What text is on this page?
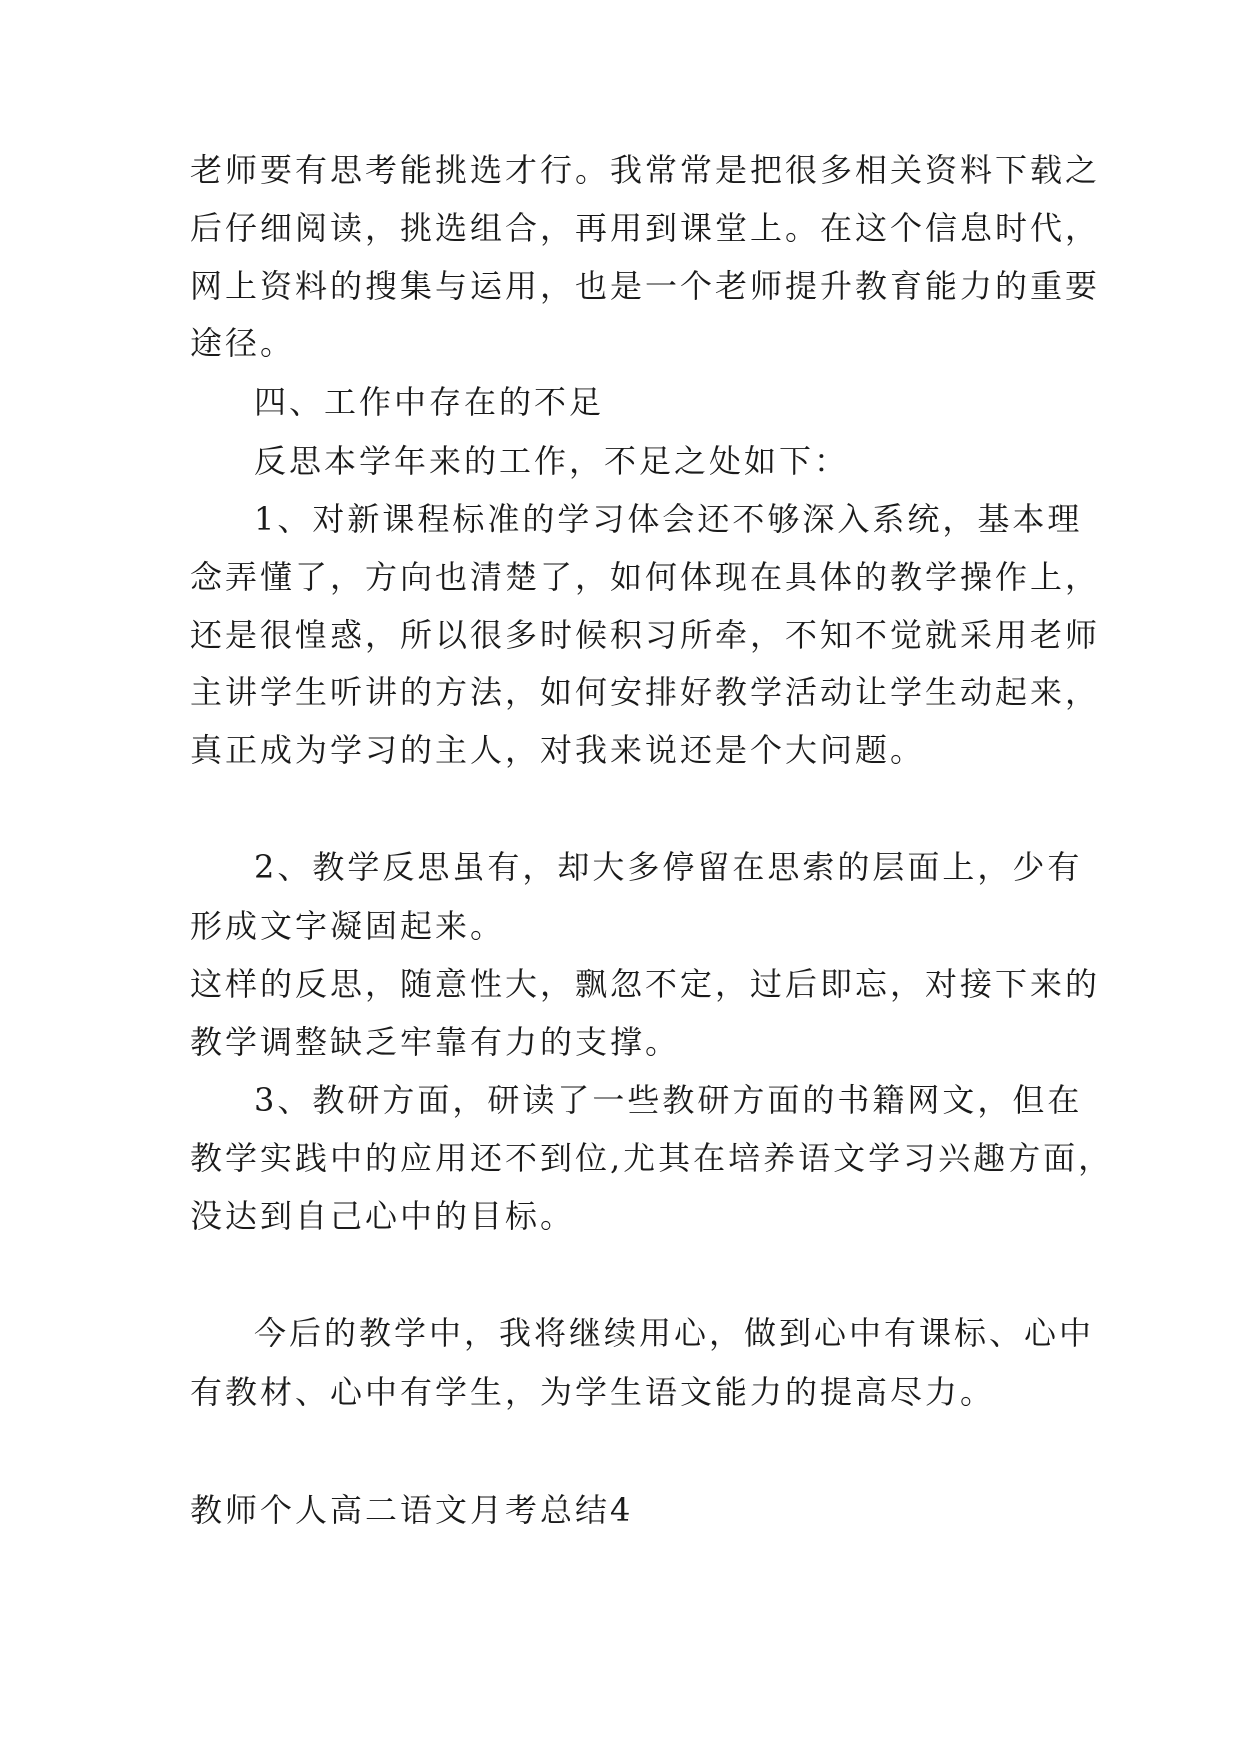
老师要有思考能挑选才行。我常常是把很多相关资料下载之
后仔细阅读，挑选组合，再用到课堂上。在这个信息时代，
网上资料的搜集与运用，也是一个老师提升教育能力的重要
途径。
四、工作中存在的不足
反思本学年来的工作，不足之处如下：
1、对新课程标准的学习体会还不够深入系统，基本理
念弄懂了，方向也清楚了，如何体现在具体的教学操作上，
还是很惶惑，所以很多时候积习所牵，不知不觉就采用老师
主讲学生听讲的方法，如何安排好教学活动让学生动起来，
真正成为学习的主人，对我来说还是个大问题。
2、教学反思虽有，却大多停留在思索的层面上，少有
形成文字凝固起来。
这样的反思，随意性大，飘忽不定，过后即忘，对接下来的
教学调整缺乏牢靠有力的支撑。
3、教研方面，研读了一些教研方面的书籍网文，但在
教学实践中的应用还不到位,尤其在培养语文学习兴趣方面，
没达到自己心中的目标。
今后的教学中，我将继续用心，做到心中有课标、心中
有教材、心中有学生，为学生语文能力的提高尽力。
教师个人高二语文月考总结4
